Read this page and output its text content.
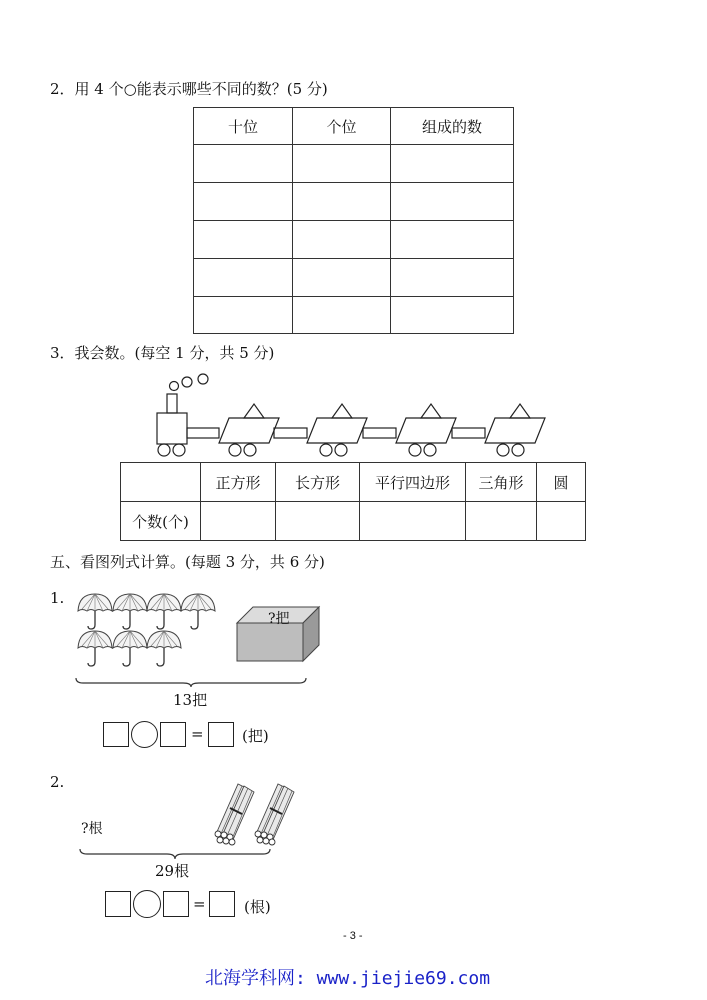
2．用 4 个○能表示哪些不同的数？(5 分)
十位	个位	组成的数

3．我会数。(每空 1 分，共 5 分)
	正方形	长方形	平行四边形	三角形	圆
个数(个)					
五、看图列式计算。(每题 3 分，共 6 分)
1.
?把
13把
=	(把)
2.
?根
29根
=	(根)
- 3 -
北海学科网: www.jiejie69.com
